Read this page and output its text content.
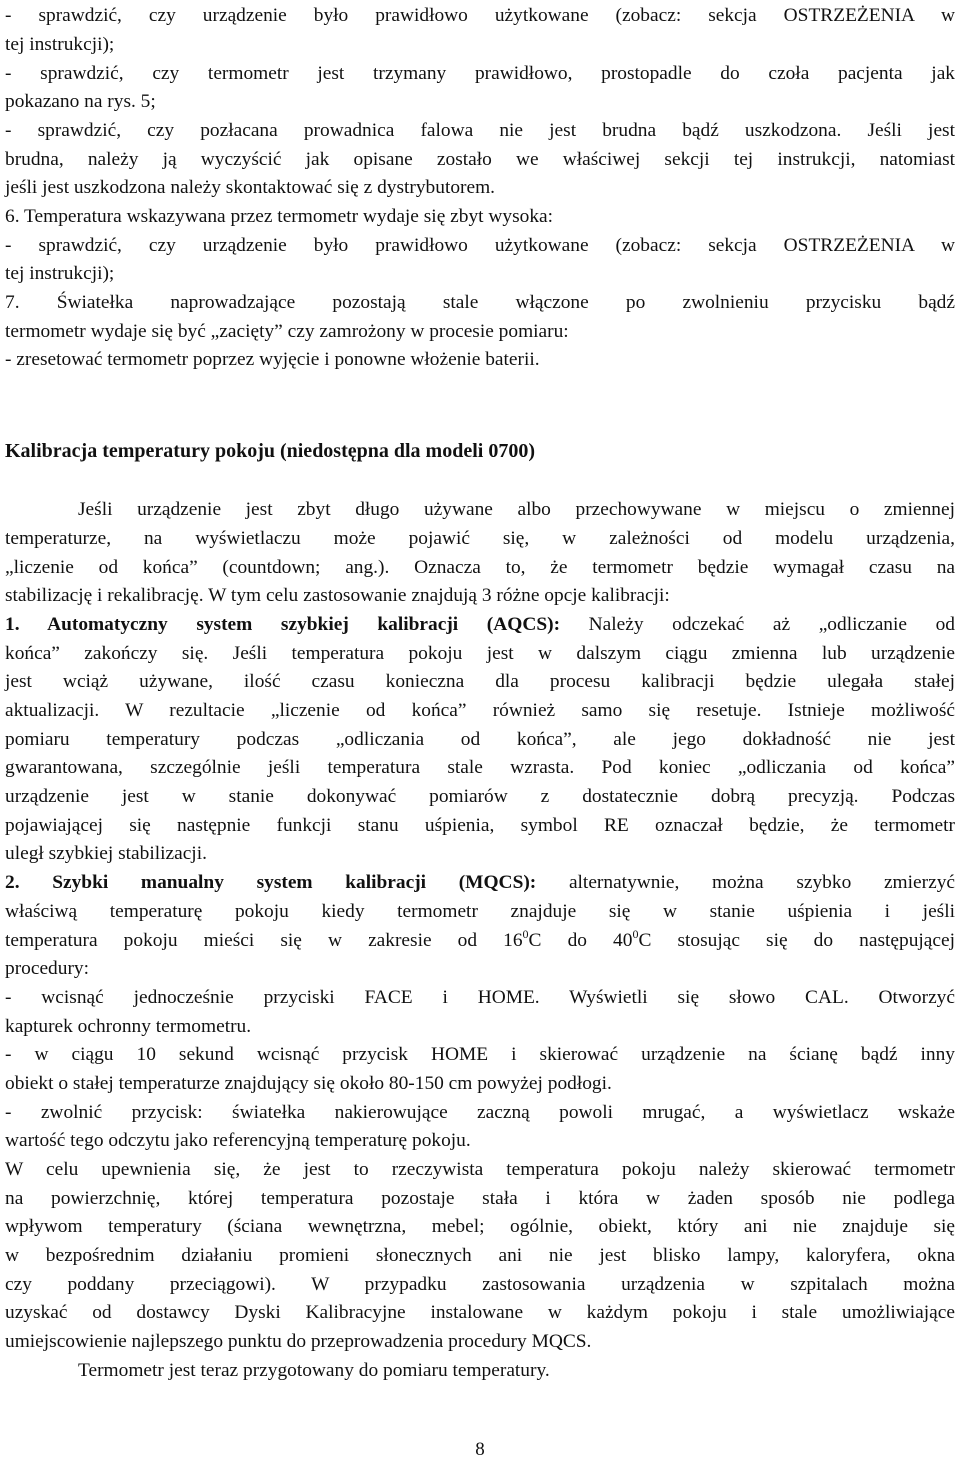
- sprawdzić, czy urządzenie było prawidłowo użytkowane (zobacz: sekcja OSTRZEŻENIA w
tej instrukcji);
- sprawdzić, czy termometr jest trzymany prawidłowo, prostopadle do czoła pacjenta jak
pokazano na rys. 5;
- sprawdzić, czy pozłacana prowadnica falowa nie jest brudna bądź uszkodzona. Jeśli jest
brudna, należy ją wyczyścić jak opisane zostało we właściwej sekcji tej instrukcji, natomiast
jeśli jest uszkodzona należy skontaktować się z dystrybutorem.
6. Temperatura wskazywana przez termometr wydaje się zbyt wysoka:
- sprawdzić, czy urządzenie było prawidłowo użytkowane (zobacz: sekcja OSTRZEŻENIA w
tej instrukcji);
7. Światełka naprowadzające pozostają stale włączone po zwolnieniu przycisku bądź
termometr wydaje się być „zacięty” czy zamrożony w procesie pomiaru:
- zresetować termometr poprzez wyjęcie i ponowne włożenie baterii.
Kalibracja temperatury pokoju (niedostępna dla modeli 0700)
Jeśli urządzenie jest zbyt długo używane albo przechowywane w miejscu o zmiennej
temperaturze, na wyświetlaczu może pojawić się, w zależności od modelu urządzenia,
„liczenie od końca” (countdown; ang.). Oznacza to, że termometr będzie wymagał czasu na
stabilizację i rekalibrację. W tym celu zastosowanie znajdują 3 różne opcje kalibracji:
1. Automatyczny system szybkiej kalibracji (AQCS): Należy odczekać aż „odliczanie od
końca” zakończy się. Jeśli temperatura pokoju jest w dalszym ciągu zmienna lub urządzenie
jest wciąż używane, ilość czasu konieczna dla procesu kalibracji będzie ulegała stałej
aktualizacji. W rezultacie „liczenie od końca” również samo się resetuje. Istnieje możliwość
pomiaru temperatury podczas „odliczania od końca”, ale jego dokładność nie jest
gwarantowana, szczególnie jeśli temperatura stale wzrasta. Pod koniec „odliczania od końca”
urządzenie jest w stanie dokonywać pomiarów z dostatecznie dobrą precyzją. Podczas
pojawiającej się następnie funkcji stanu uśpienia, symbol RE oznaczał będzie, że termometr
uległ szybkiej stabilizacji.
2. Szybki manualny system kalibracji (MQCS): alternatywnie, można szybko zmierzyć
właściwą temperaturę pokoju kiedy termometr znajduje się w stanie uśpienia i jeśli
temperatura pokoju mieści się w zakresie od $16^0C$ do $40^0C$ stosując się do następującej
procedury:
- wcisnąć jednocześnie przyciski FACE i HOME. Wyświetli się słowo CAL. Otworzyć
kapturek ochronny termometru.
- w ciągu 10 sekund wcisnąć przycisk HOME i skierować urządzenie na ścianę bądź inny
obiekt o stałej temperaturze znajdujący się około 80-150 cm powyżej podłogi.
- zwolnić przycisk: światełka nakierowujące zaczną powoli mrugać, a wyświetlacz wskaże
wartość tego odczytu jako referencyjną temperaturę pokoju.
W celu upewnienia się, że jest to rzeczywista temperatura pokoju należy skierować termometr
na powierzchnię, której temperatura pozostaje stała i która w żaden sposób nie podlega
wpływom temperatury (ściana wewnętrzna, mebel; ogólnie, obiekt, który ani nie znajduje się
w bezpośrednim działaniu promieni słonecznych ani nie jest blisko lampy, kaloryfera, okna
czy poddany przeciągowi). W przypadku zastosowania urządzenia w szpitalach można
uzyskać od dostawcy Dyski Kalibracyjne instalowane w każdym pokoju i stale umożliwiające
umiejscowienie najlepszego punktu do przeprowadzenia procedury MQCS.
Termometr jest teraz przygotowany do pomiaru temperatury.
8
